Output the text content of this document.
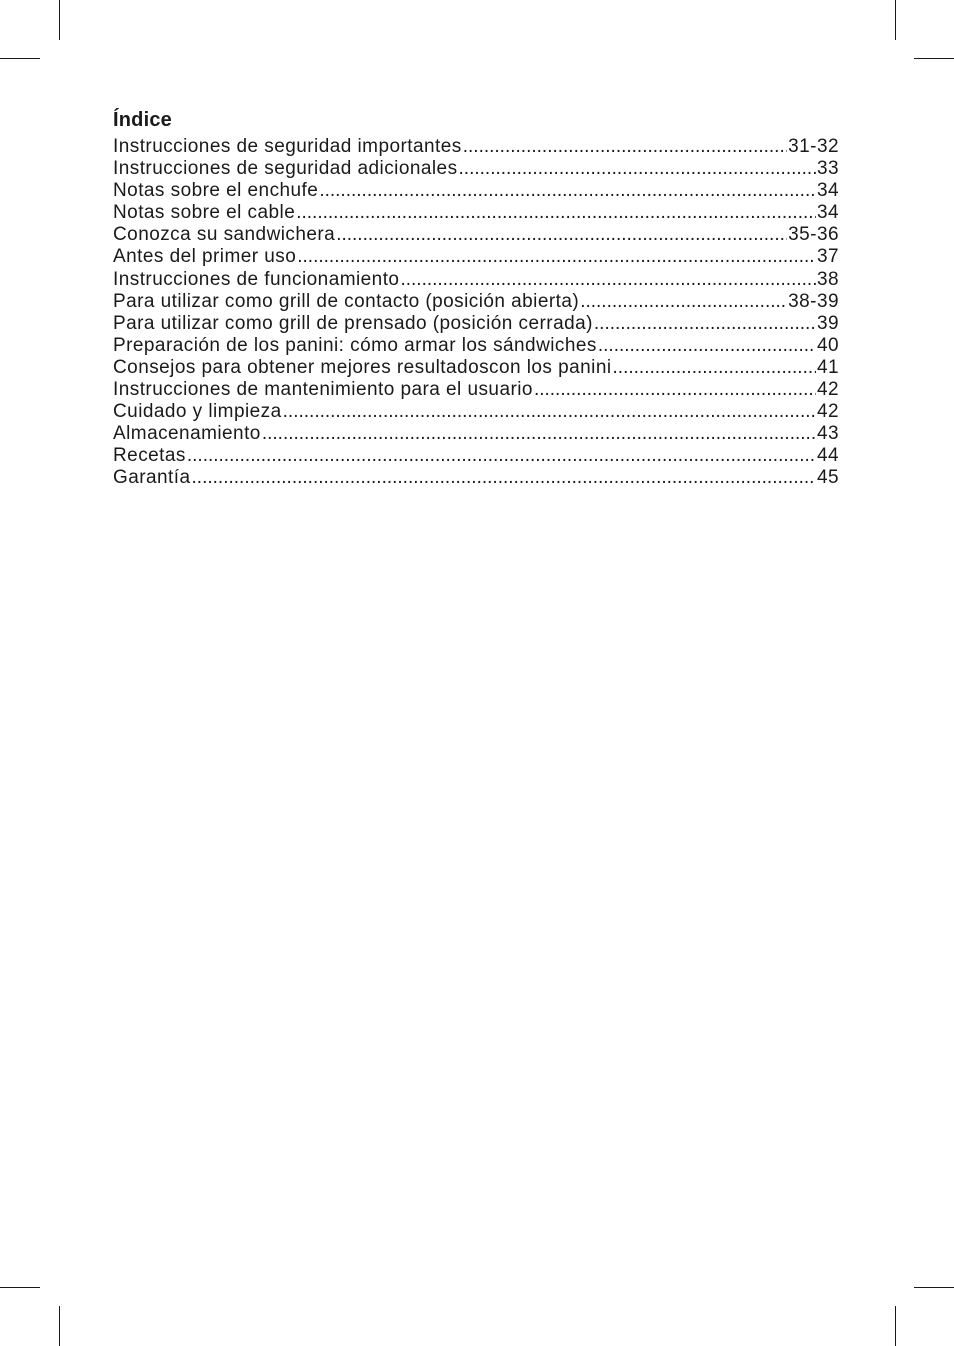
Índice
Instrucciones de seguridad importantes .....	31-32
Instrucciones de seguridad adicionales .....	33
Notas sobre el enchufe .....	34
Notas sobre el cable .....	34
Conozca su sandwichera .....	35-36
Antes del primer uso .....	37
Instrucciones de funcionamiento .....	38
Para utilizar como grill de contacto (posición abierta) .....	38-39
Para utilizar como grill de prensado (posición cerrada) .....	39
Preparación de los panini: cómo armar los sándwiches .....	40
Consejos para obtener mejores resultadoscon los panini .....	41
Instrucciones de mantenimiento para el usuario .....	42
Cuidado y limpieza .....	42
Almacenamiento .....	43
Recetas .....	44
Garantía .....	45
